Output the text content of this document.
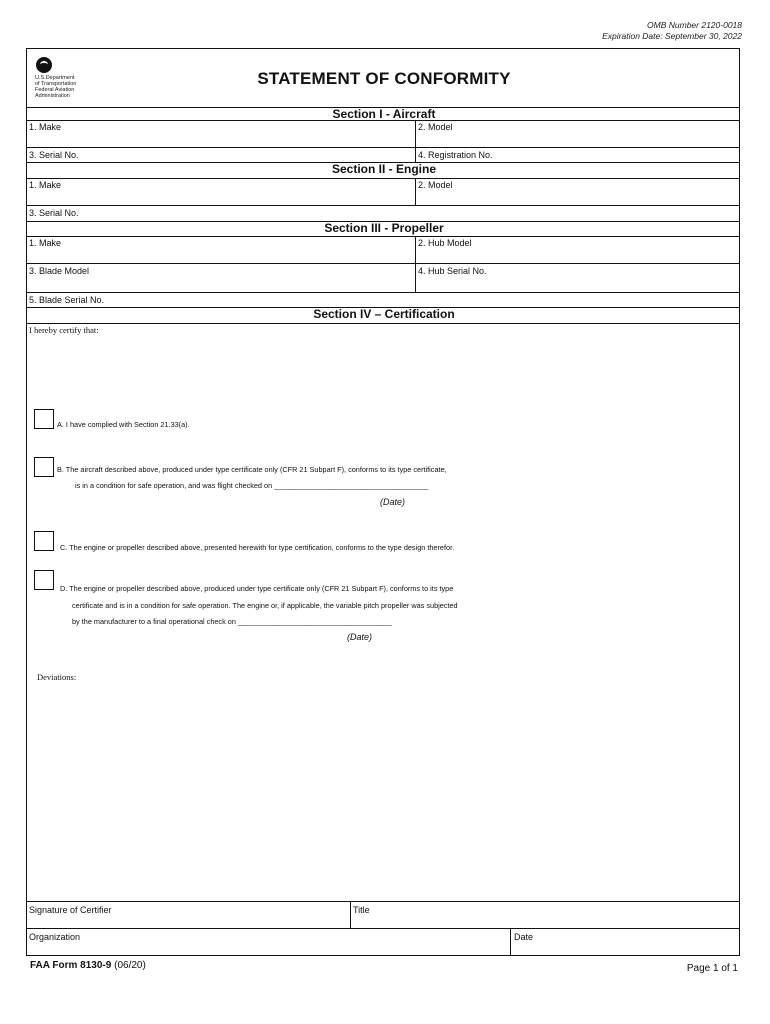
OMB Number 2120-0018
Expiration Date: September 30, 2022
U.S.Department
of Transportation
Federal Aviation
Administration
STATEMENT OF CONFORMITY
Section I - Aircraft
1. Make	2. Model
3. Serial No.	4. Registration No.
Section II - Engine
1. Make	2. Model
3. Serial No.
Section III - Propeller
1. Make	2. Hub Model
3. Blade Model	4. Hub Serial No.
5. Blade Serial No.
Section IV – Certification
I hereby certify that:
A. I have complied with Section 21.33(a).
B. The aircraft described above, produced under type certificate only (CFR 21 Subpart F), conforms to its type certificate,
is in a condition for safe operation, and was flight checked on ______________________________________
(Date)
C. The engine or propeller described above, presented herewith for type certification, conforms to the type design therefor.
D. The engine or propeller described above, produced under type certificate only (CFR 21 Subpart F), conforms to its type
certificate and is in a condition for safe operation. The engine or, if applicable, the variable pitch propeller was subjected
by the manufacturer to a final operational check on ______________________________________
(Date)
Deviations:
Signature of Certifier	Title
Organization	Date
FAA Form 8130-9 (06/20)	Page 1 of 1
